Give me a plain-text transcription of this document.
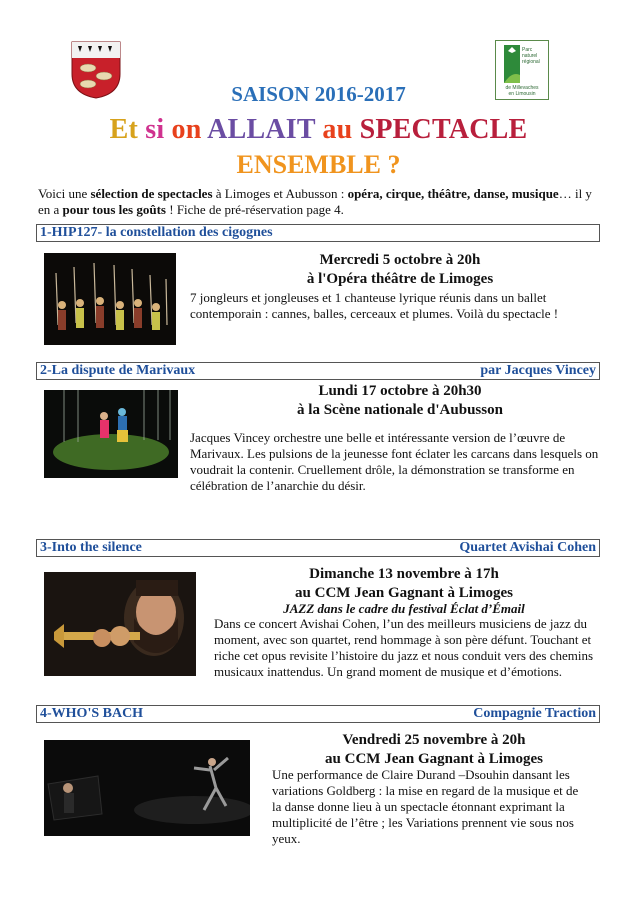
Parc
naturel
régional
de Millevaches
en Limousin
SAISON 2016-2017
Et si on ALLAIT au SPECTACLE
ENSEMBLE ?
Voici une sélection de spectacles à Limoges et Aubusson : opéra, cirque, théâtre, danse, musique… il y en a pour tous les goûts ! Fiche de pré-réservation page 4.
1-HIP127- la constellation des cigognes
Mercredi 5 octobre à 20h
à l'Opéra théâtre de Limoges
7 jongleurs et jongleuses et 1 chanteuse lyrique réunis dans un ballet contemporain : cannes, balles, cerceaux et plumes. Voilà du spectacle !
2-La dispute de Marivaux	par Jacques Vincey
Lundi 17 octobre à 20h30
à la Scène nationale d'Aubusson
Jacques Vincey orchestre une belle et intéressante version de l’œuvre de Marivaux. Les pulsions de la jeunesse font éclater les carcans dans lesquels on voudrait la contenir. Cruellement drôle, la démonstration se transforme en célébration de l’anarchie du désir.
3-Into the silence	Quartet Avishai Cohen
Dimanche 13 novembre à 17h
au CCM Jean Gagnant à Limoges
JAZZ dans le cadre du festival Éclat d’Émail
Dans ce concert Avishai Cohen, l’un des meilleurs musiciens de jazz du moment, avec son quartet, rend hommage à son père défunt. Touchant et riche cet opus revisite l’histoire du jazz et nous conduit vers des chemins musicaux inattendus. Un grand moment de musique et d’émotions.
4-WHO'S BACH	Compagnie Traction
Vendredi 25 novembre à 20h
au CCM Jean Gagnant à Limoges
Une performance de Claire Durand –Dsouhin dansant les variations Goldberg : la mise en regard de la musique et de la danse donne lieu à un spectacle étonnant exprimant la multiplicité de l’être ; les Variations prennent vie sous nos yeux.
